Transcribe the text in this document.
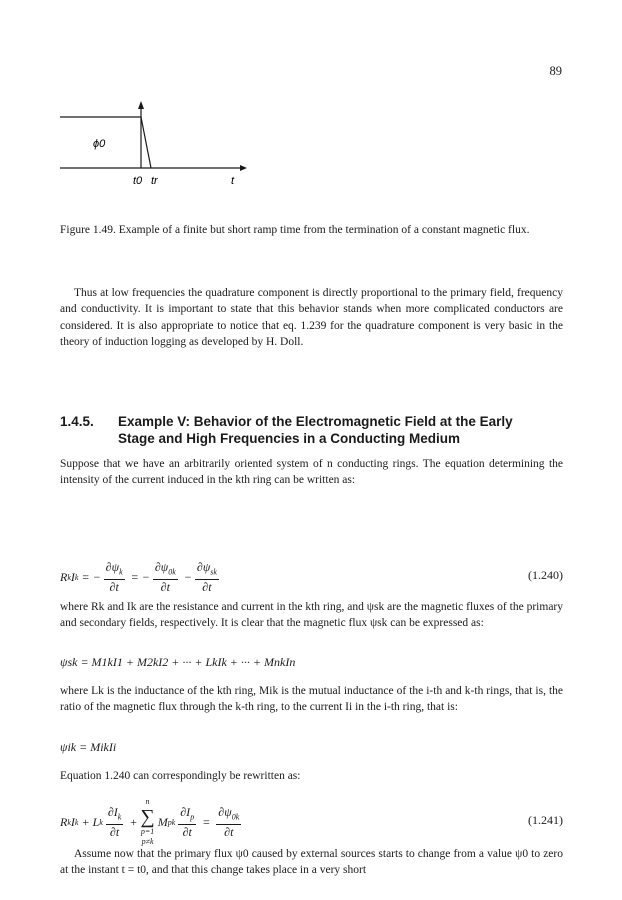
89
ϕ0
t0 tr	t
Figure 1.49. Example of a finite but short ramp time from the termination of a constant magnetic flux.
Thus at low frequencies the quadrature component is directly proportional to the primary field, frequency and conductivity. It is important to state that this behavior stands when more complicated conductors are considered. It is also appropriate to notice that eq. 1.239 for the quadrature component is very basic in the theory of induction logging as developed by H. Doll.
1.4.5. Example V: Behavior of the Electromagnetic Field at the Early
Stage and High Frequencies in a Conducting Medium
Suppose that we have an arbitrarily oriented system of n conducting rings. The equation determining the intensity of the current induced in the kth ring can be written as:
R k I k = − $\frac{\partial\psi_k}{\partial t}$ = − $\frac{\partial\psi_{0k}}{\partial t} - \frac{\partial\psi_{sk}}{\partial t}$	(1.240)
where Rk and Ik are the resistance and current in the kth ring, and ψsk are the magnetic fluxes of the primary and secondary fields, respectively. It is clear that the magnetic flux ψsk can be expressed as:
ψsk = M1kI1 + M2kI2 + ··· + LkIk + ··· + MnkIn
where Lk is the inductance of the kth ring, Mik is the mutual inductance of the i-th and k-th rings, that is, the ratio of the magnetic flux through the k-th ring, to the current Ii in the i-th ring, that is:
ψik = MikIi
Equation 1.240 can correspondingly be rewritten as:
R k I k + L k $\frac{\partial I_k}{\partial t}$ +
n
∑
p=1
p≠k
M pk $\frac{\partial I_p}{\partial t} = \frac{\partial\psi_{0k}}{\partial t}$	(1.241)
Assume now that the primary flux ψ0 caused by external sources starts to change from a value ψ0 to zero at the instant t = t0, and that this change takes place in a very short
